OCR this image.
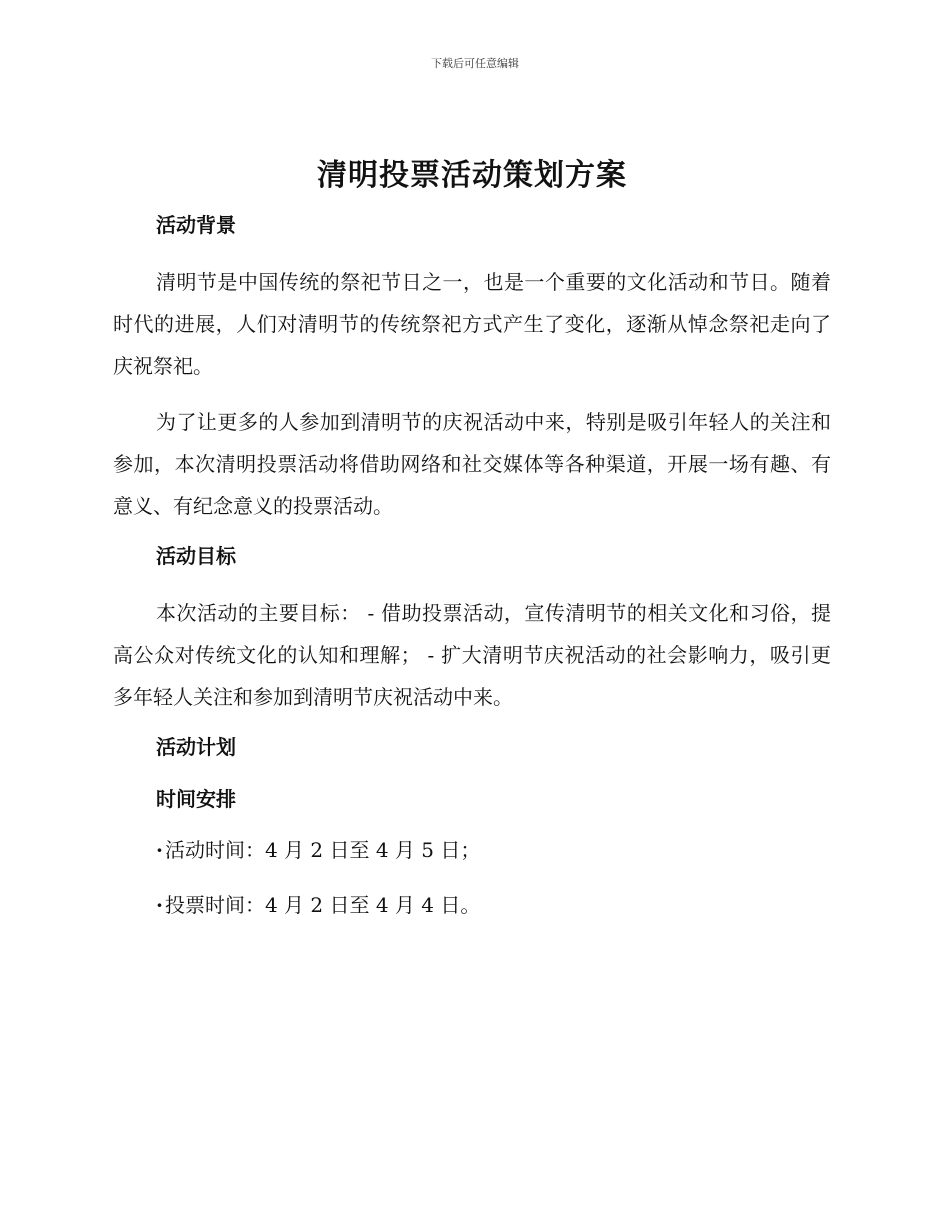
下载后可任意编辑
清明投票活动策划方案
活动背景

清明节是中国传统的祭祀节日之一，也是一个重要的文化活动和节日。随着时代的进展，人们对清明节的传统祭祀方式产生了变化，逐渐从悼念祭祀走向了庆祝祭祀。

为了让更多的人参加到清明节的庆祝活动中来，特别是吸引年轻人的关注和参加，本次清明投票活动将借助网络和社交媒体等各种渠道，开展一场有趣、有意义、有纪念意义的投票活动。

活动目标

本次活动的主要目标： - 借助投票活动，宣传清明节的相关文化和习俗，提高公众对传统文化的认知和理解； - 扩大清明节庆祝活动的社会影响力，吸引更多年轻人关注和参加到清明节庆祝活动中来。

活动计划
时间安排

· 活动时间：4 月 2 日至 4 月 5 日；

· 投票时间：4 月 2 日至 4 月 4 日。
